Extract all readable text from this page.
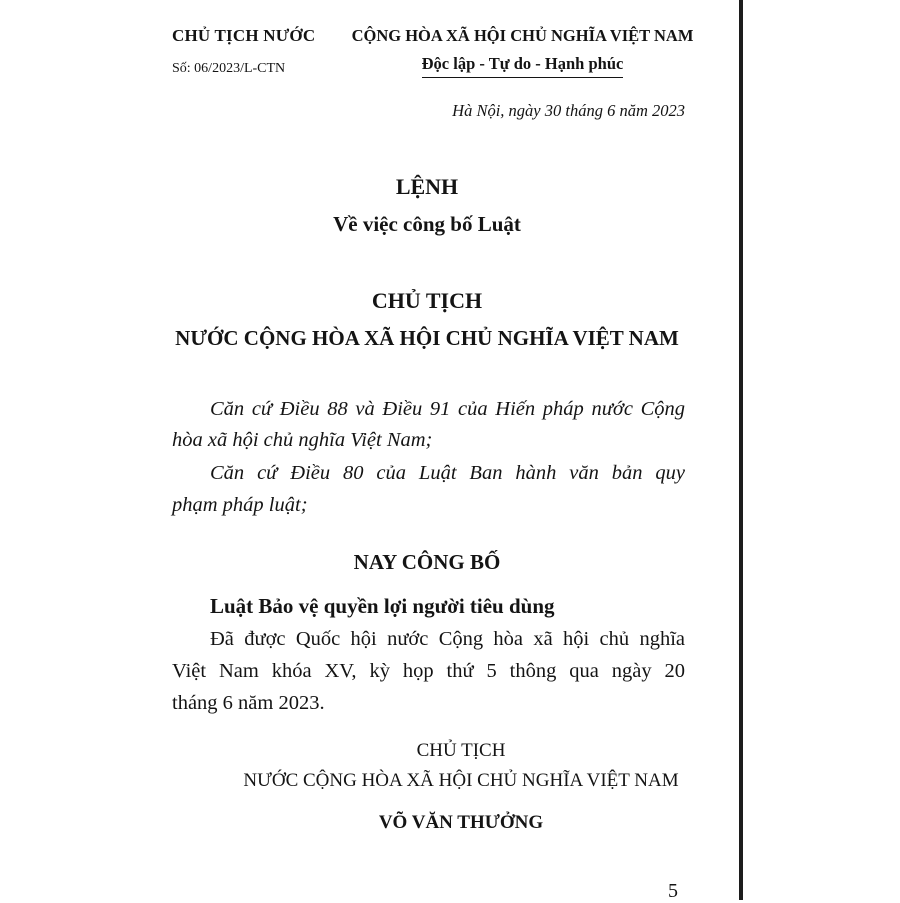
CHỦ TỊCH NƯỚC
Số: 06/2023/L-CTN
CỘNG HÒA XÃ HỘI CHỦ NGHĨA VIỆT NAM
Độc lập - Tự do - Hạnh phúc
Hà Nội, ngày 30 tháng 6 năm 2023
LỆNH
Về việc công bố Luật
CHỦ TỊCH
NƯỚC CỘNG HÒA XÃ HỘI CHỦ NGHĨA VIỆT NAM
Căn cứ Điều 88 và Điều 91 của Hiến pháp nước Cộng
hòa xã hội chủ nghĩa Việt Nam;
Căn cứ Điều 80 của Luật Ban hành văn bản quy
phạm pháp luật;
NAY CÔNG BỐ
Luật Bảo vệ quyền lợi người tiêu dùng
Đã được Quốc hội nước Cộng hòa xã hội chủ nghĩa
Việt Nam khóa XV, kỳ họp thứ 5 thông qua ngày 20
tháng 6 năm 2023.
CHỦ TỊCH
NƯỚC CỘNG HÒA XÃ HỘI CHỦ NGHĨA VIỆT NAM
VÕ VĂN THƯỞNG
5
